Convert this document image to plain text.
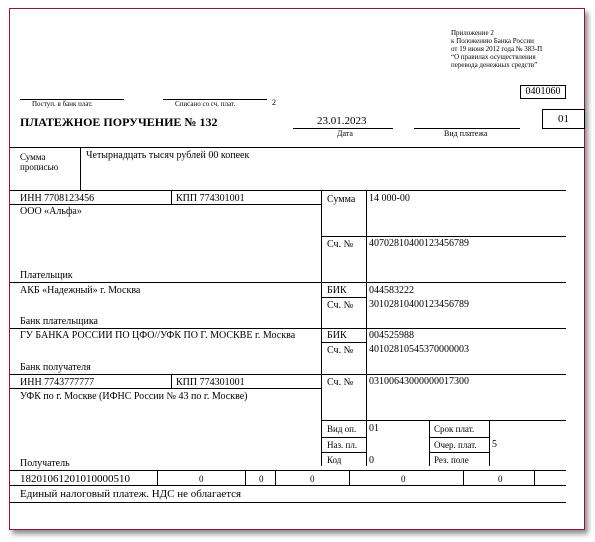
Приложение 2
к Положению Банка России
от 19 июня 2012 года № 383-П
“О правилах осуществления
перевода денежных средств”
0401060
Поступ. в банк плат.	Списано со сч. плат.	2
ПЛАТЕЖНОЕ ПОРУЧЕНИЕ № 132	23.01.2023
Дата	Вид платежа
01
Сумма прописью
Четырнадцать тысяч рублей 00 копеек
ИНН 7708123456	КПП 774301001
ООО «Альфа»
Плательщик
Сумма 14 000-00
Сч. № 40702810400123456789
АКБ «Надежный» г. Москва
Банк плательщика
БИК 044583222
Сч. № 30102810400123456789
ГУ БАНКА РОССИИ ПО ЦФО//УФК ПО Г. МОСКВЕ г. Москва
Банк получателя
БИК 004525988
Сч. № 40102810545370000003
ИНН 7743777777	КПП 774301001
УФК по г. Москве (ИФНС России № 43 по г. Москве)
Сч. № 03100643000000017300
Вид оп. 01	Срок плат.
Наз. пл.	Очер. плат. 5
Код	0	Рез. поле
Получатель
18201061201010000510	0	0	0	0	0
Единый налоговый платеж. НДС не облагается
